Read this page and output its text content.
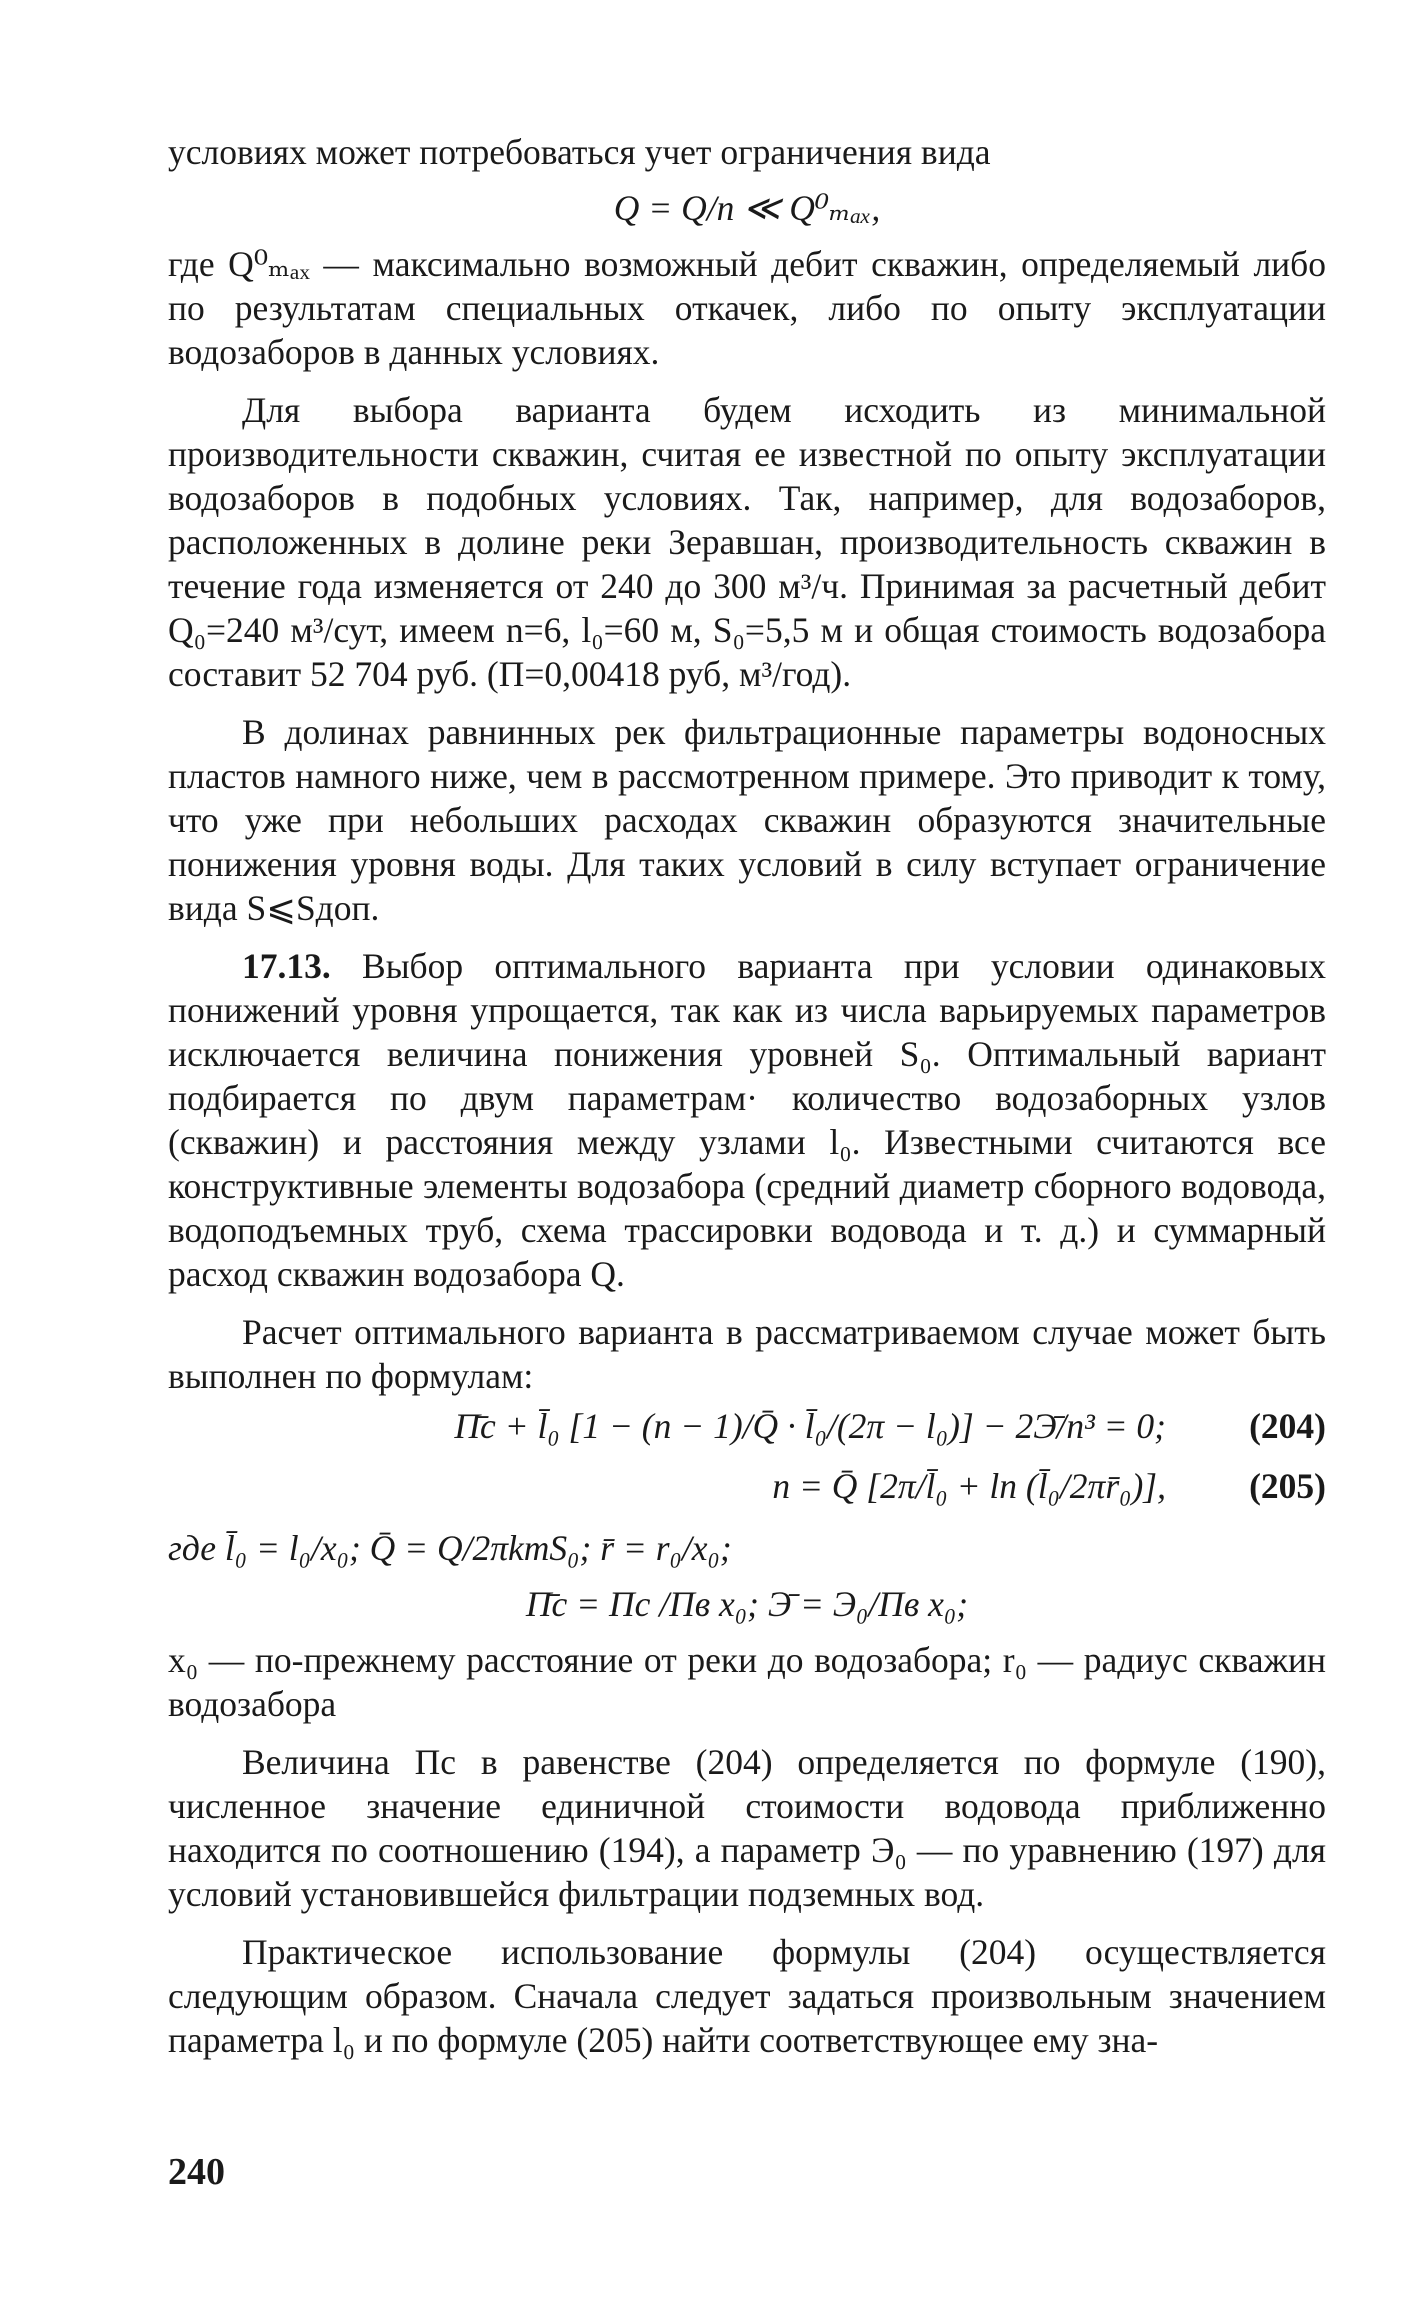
условиях может потребоваться учет ограничения вида

Q = Q/n ≪ Q⁰ₘₐₓ,

где Q⁰ₘₐₓ — максимально возможный дебит скважин, определяемый либо по результатам специальных откачек, либо по опыту эксплуатации водозаборов в данных условиях.

Для выбора варианта будем исходить из минимальной производительности скважин, считая ее известной по опыту эксплуатации водозаборов в подобных условиях. Так, например, для водозаборов, расположенных в долине реки Зеравшан, производительность скважин в течение года изменяется от 240 до 300 м³/ч. Принимая за расчетный дебит Q₀=240 м³/сут, имеем n=6, l₀=60 м, S₀=5,5 м и общая стоимость водозабора составит 52 704 руб. (П=0,00418 руб, м³/год).

В долинах равнинных рек фильтрационные параметры водоносных пластов намного ниже, чем в рассмотренном примере. Это приводит к тому, что уже при небольших расходах скважин образуются значительные понижения уровня воды. Для таких условий в силу вступает ограничение вида S⩽Sдоп.

17.13. Выбор оптимального варианта при условии одинаковых понижений уровня упрощается, так как из числа варьируемых параметров исключается величина понижения уровней S₀. Оптимальный вариант подбирается по двум параметрам· количество водозаборных узлов (скважин) и расстояния между узлами l₀. Известными считаются все конструктивные элементы водозабора (средний диаметр сборного водовода, водоподъемных труб, схема трассировки водовода и т. д.) и суммарный расход скважин водозабора Q.

Расчет оптимального варианта в рассматриваемом случае может быть выполнен по формулам:

П̄с + l̄₀ [1 − (n − 1)/Q̄ · l̄₀/(2π − l₀)] − 2Э̄/n³ = 0; (204)
n = Q̄ [2π/l̄₀ + ln (l̄₀/2πr̄₀)], (205)

где l̄₀ = l₀/x₀; Q̄ = Q/2πkmS₀; r̄ = r₀/x₀;

П̄с = Пс /Пв x₀; Э̄ = Э₀/Пв x₀;

x₀ — по-прежнему расстояние от реки до водозабора; r₀ — радиус скважин водозабора

Величина Пс в равенстве (204) определяется по формуле (190), численное значение единичной стоимости водовода приближенно находится по соотношению (194), а параметр Э₀ — по уравнению (197) для условий установившейся фильтрации подземных вод.

Практическое использование формулы (204) осуществляется следующим образом. Сначала следует задаться произвольным значением параметра l₀ и по формуле (205) найти соответствующее ему зна-

240
